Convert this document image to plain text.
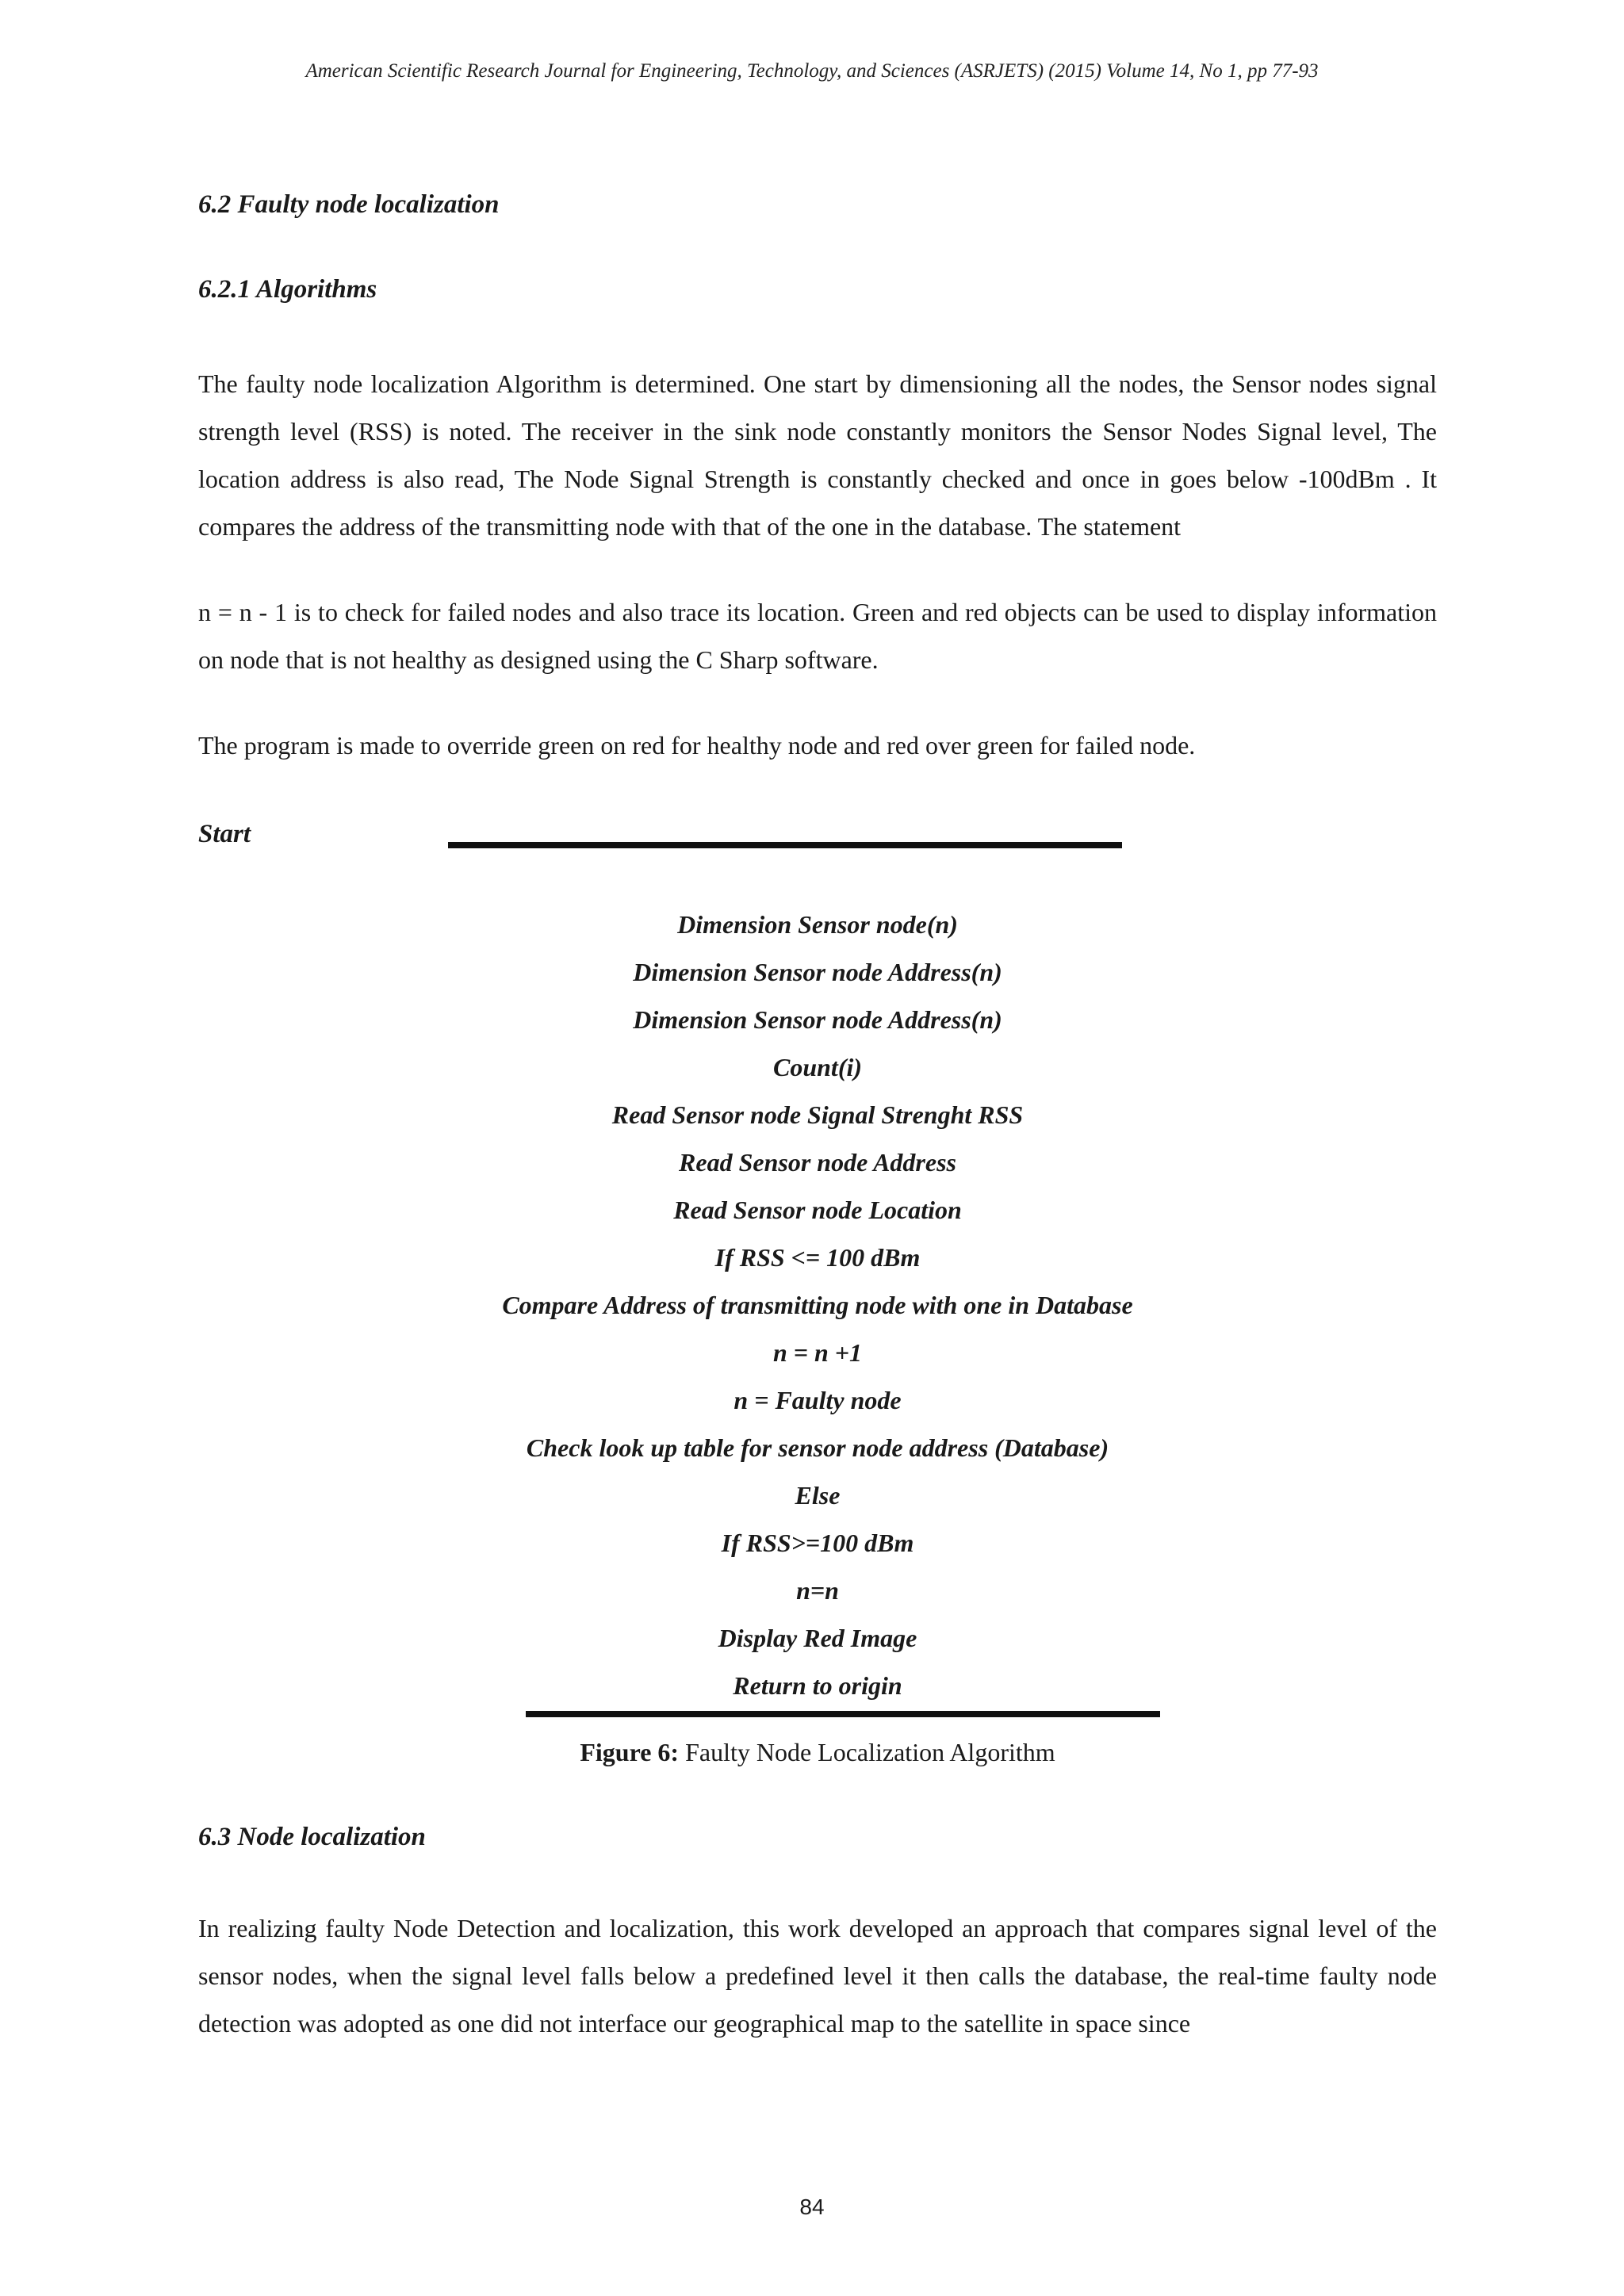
American Scientific Research Journal for Engineering, Technology, and Sciences (ASRJETS) (2015) Volume 14, No 1, pp 77-93
6.2 Faulty node localization
6.2.1 Algorithms

The faulty node localization Algorithm is determined. One start by dimensioning all the nodes, the Sensor nodes signal strength level (RSS) is noted. The receiver in the sink node constantly monitors the Sensor Nodes Signal level, The location address is also read, The Node Signal Strength is constantly checked and once in goes below -100dBm . It compares the address of the transmitting node with that of the one in the database. The statement

n = n - 1 is to check for failed nodes and also trace its location. Green and red objects can be used to display information on node that is not healthy as designed using the C Sharp software.

The program is made to override green on red for healthy node and red over green for failed node.

Start
Dimension Sensor node(n)
Dimension Sensor node Address(n)
Dimension Sensor node Address(n)
Count(i)
Read Sensor node Signal Strenght RSS
Read Sensor node Address
Read Sensor node Location
If RSS <= 100 dBm
Compare Address of transmitting node with one in Database
n = n +1
n = Faulty node
Check look up table for sensor node address (Database)
Else
If RSS>=100 dBm
n=n
Display Red Image
Return to origin
Figure 6: Faulty Node Localization Algorithm
6.3 Node localization

In realizing faulty Node Detection and localization, this work developed an approach that compares signal level of the sensor nodes, when the signal level falls below a predefined level it then calls the database, the real-time faulty node detection was adopted as one did not interface our geographical map to the satellite in space since

84
